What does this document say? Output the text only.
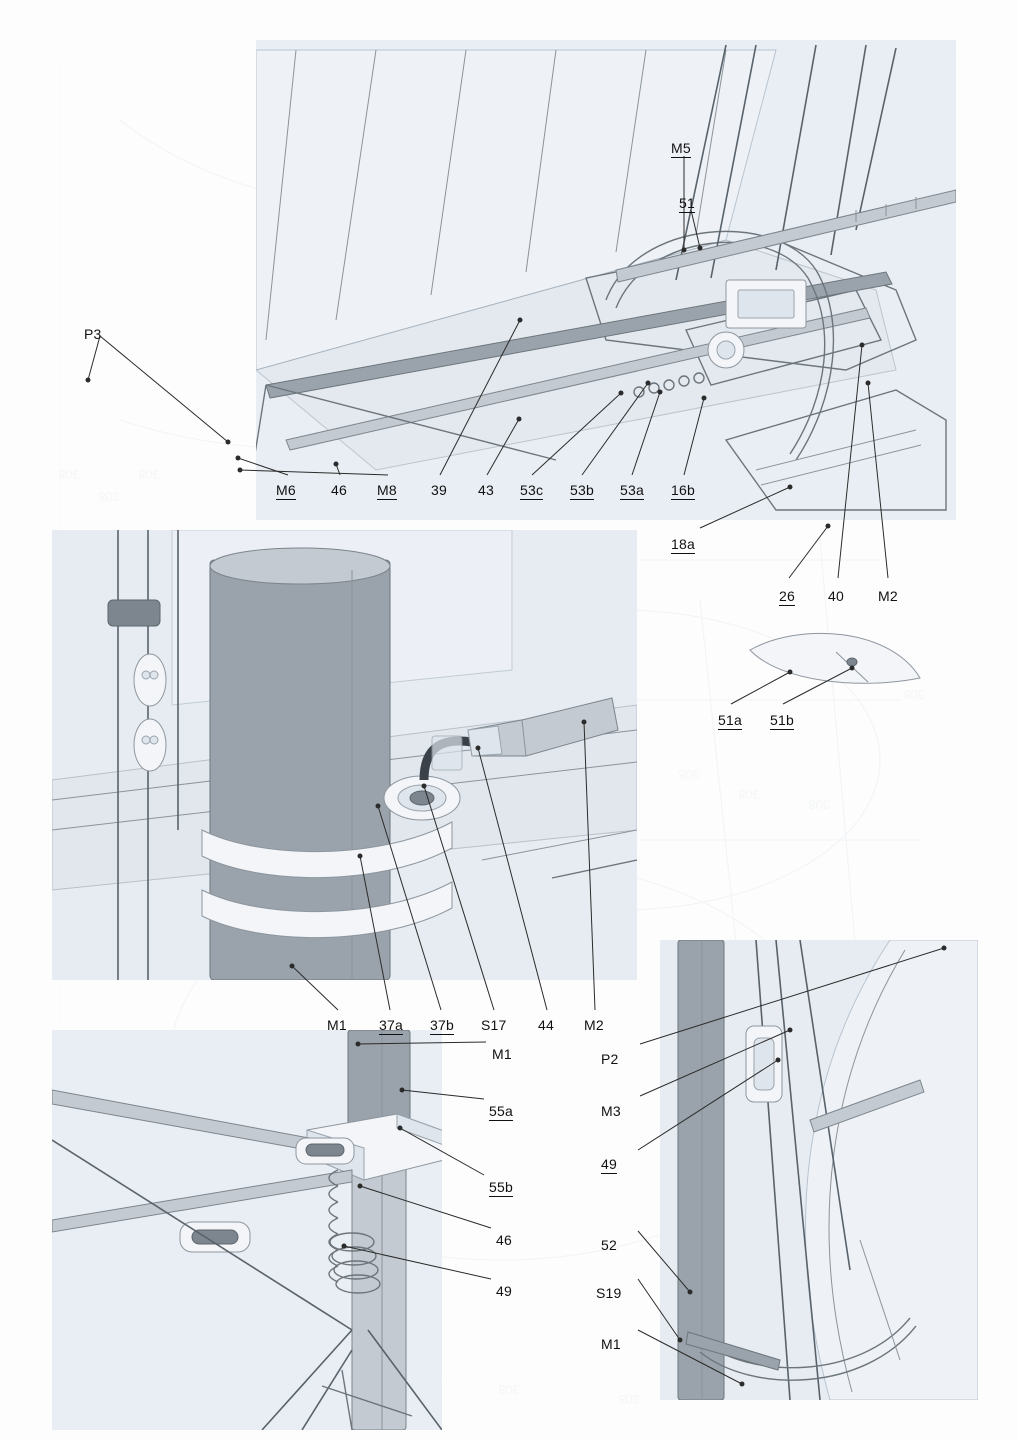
308
308
308
308
308
308
308
308
308
M5
51
P3
M6	46 M8 39 43 53c 53b 53a 16b
18a
26 40 M2
51a 51b
M1 37a 37b S17 44 M2
M1
55a
55b
46
49
P2
M3
49
52
S19
M1
